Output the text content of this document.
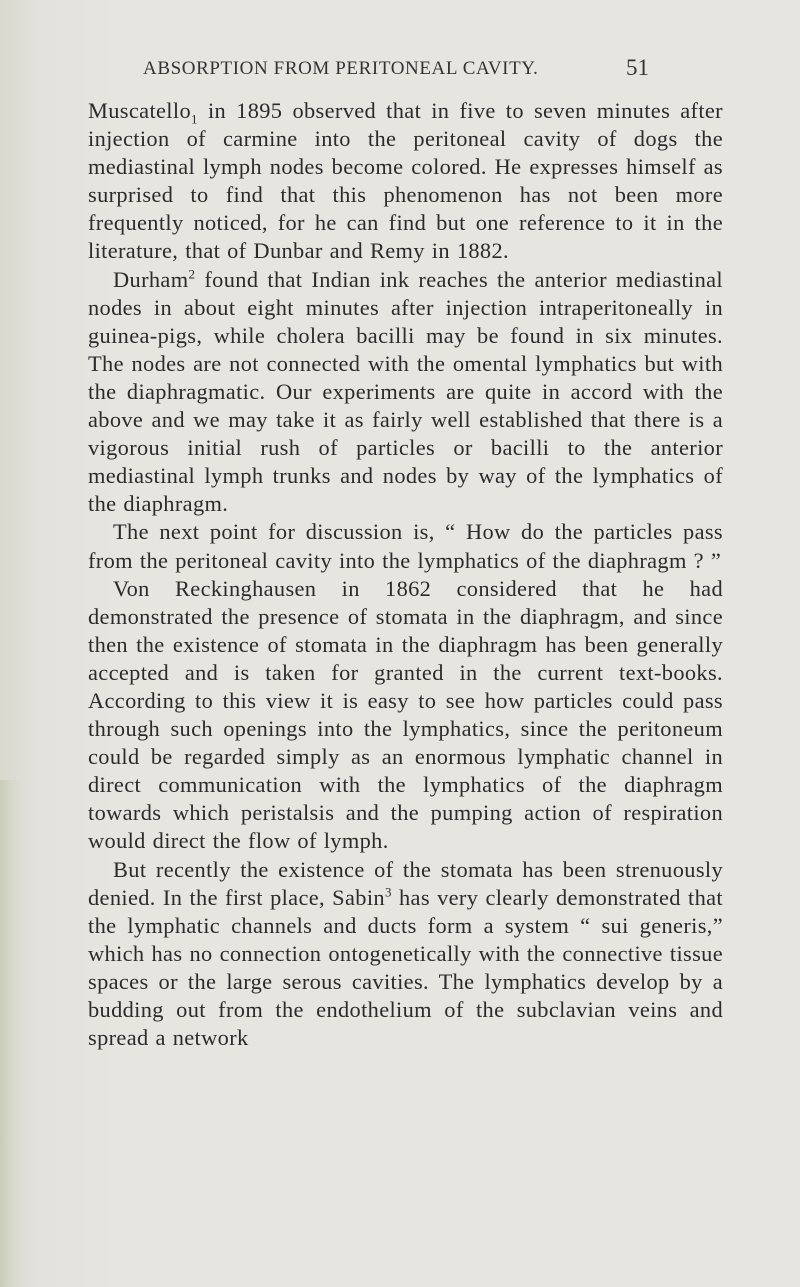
ABSORPTION FROM PERITONEAL CAVITY.	51

Muscatello$_1$ in 1895 observed that in five to seven minutes after injection of carmine into the peritoneal cavity of dogs the mediastinal lymph nodes become colored. He expresses himself as surprised to find that this phenomenon has not been more frequently noticed, for he can find but one reference to it in the literature, that of Dunbar and Remy in 1882.

Durham$^2$ found that Indian ink reaches the anterior mediastinal nodes in about eight minutes after injection intraperitoneally in guinea-pigs, while cholera bacilli may be found in six minutes. The nodes are not connected with the omental lymphatics but with the diaphragmatic. Our experiments are quite in accord with the above and we may take it as fairly well established that there is a vigorous initial rush of particles or bacilli to the anterior mediastinal lymph trunks and nodes by way of the lymphatics of the diaphragm.

The next point for discussion is, “ How do the particles pass from the peritoneal cavity into the lymphatics of the diaphragm ? ”

Von Reckinghausen in 1862 considered that he had demonstrated the presence of stomata in the diaphragm, and since then the existence of stomata in the diaphragm has been generally accepted and is taken for granted in the current text-books. According to this view it is easy to see how particles could pass through such openings into the lymphatics, since the peritoneum could be regarded simply as an enormous lymphatic channel in direct communication with the lymphatics of the diaphragm towards which peristalsis and the pumping action of respiration would direct the flow of lymph.

But recently the existence of the stomata has been strenuously denied. In the first place, Sabin$^3$ has very clearly demonstrated that the lymphatic channels and ducts form a system “ sui generis,” which has no connection ontogenetically with the connective tissue spaces or the large serous cavities. The lymphatics develop by a budding out from the endothelium of the subclavian veins and spread a network
